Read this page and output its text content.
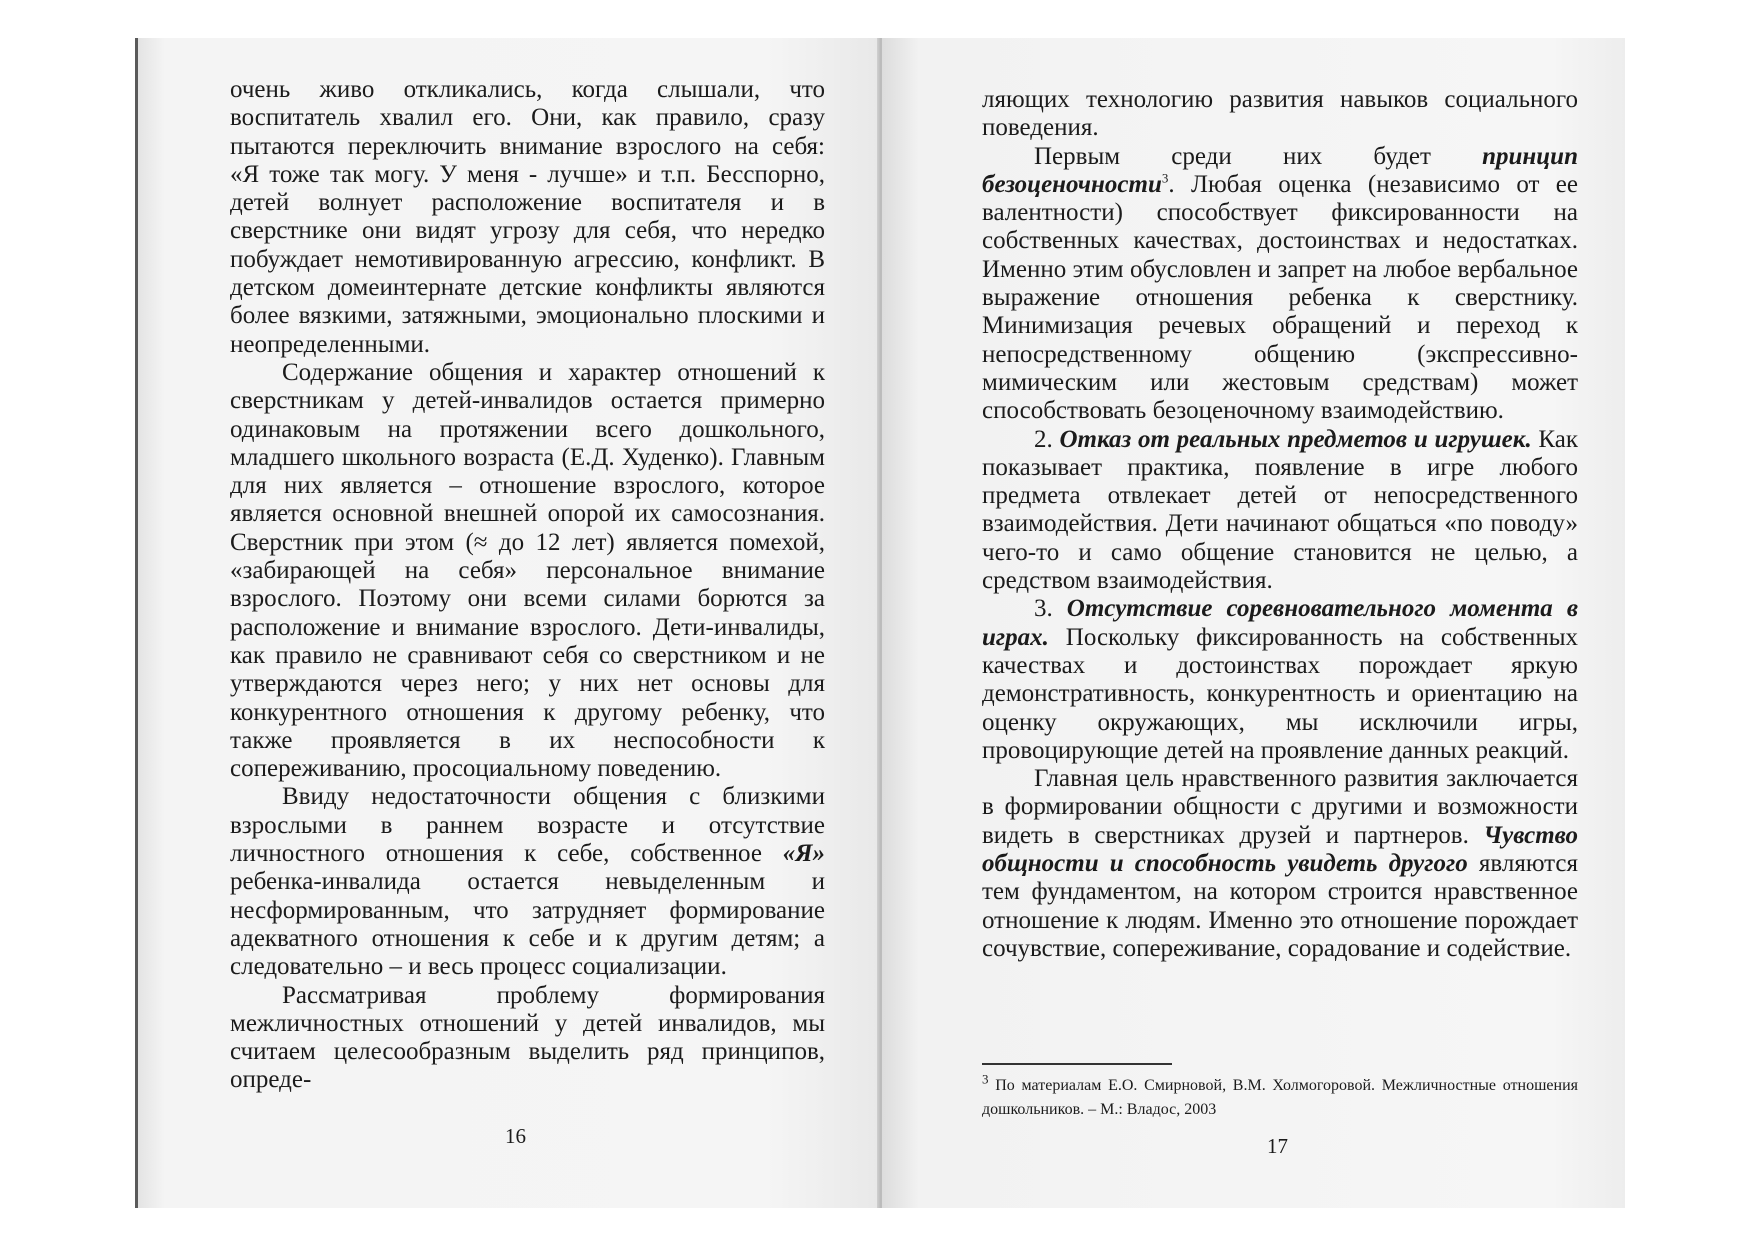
очень живо откликались, когда слышали, что воспитатель хвалил его. Они, как правило, сразу пытаются переключить внимание взрослого на себя: «Я тоже так могу. У меня - лучше» и т.п. Бесспорно, детей волнует расположение воспитателя и в сверстнике они видят угрозу для себя, что нередко побуждает немотивированную агрессию, конфликт. В детском домеинтернате детские конфликты являются более вязкими, затяжными, эмоционально плоскими и неопределенными.

Содержание общения и характер отношений к сверстникам у детей-инвалидов остается примерно одинаковым на протяжении всего дошкольного, младшего школьного возраста (Е.Д. Худенко). Главным для них является – отношение взрослого, которое является основной внешней опорой их самосознания. Сверстник при этом (≈ до 12 лет) является помехой, «забирающей на себя» персональное внимание взрослого. Поэтому они всеми силами борются за расположение и внимание взрослого. Дети-инвалиды, как правило не сравнивают себя со сверстником и не утверждаются через него; у них нет основы для конкурентного отношения к другому ребенку, что также проявляется в их неспособности к сопереживанию, просоциальному поведению.

Ввиду недостаточности общения с близкими взрослыми в раннем возрасте и отсутствие личностного отношения к себе, собственное «Я» ребенка-инвалида остается невыделенным и несформированным, что затрудняет формирование адекватного отношения к себе и к другим детям; а следовательно – и весь процесс социализации.

Рассматривая проблему формирования межличностных отношений у детей инвалидов, мы считаем целесообразным выделить ряд принципов, опреде-

16

ляющих технологию развития навыков социального поведения.

Первым среди них будет принцип безоценочности$^3$. Любая оценка (независимо от ее валентности) способствует фиксированности на собственных качествах, достоинствах и недостатках. Именно этим обусловлен и запрет на любое вербальное выражение отношения ребенка к сверстнику. Минимизация речевых обращений и переход к непосредственному общению (экспрессивно-мимическим или жестовым средствам) может способствовать безоценочному взаимодействию.

2. Отказ от реальных предметов и игрушек. Как показывает практика, появление в игре любого предмета отвлекает детей от непосредственного взаимодействия. Дети начинают общаться «по поводу» чего-то и само общение становится не целью, а средством взаимодействия.

3. Отсутствие соревновательного момента в играх. Поскольку фиксированность на собственных качествах и достоинствах порождает яркую демонстративность, конкурентность и ориентацию на оценку окружающих, мы исключили игры, провоцирующие детей на проявление данных реакций.

Главная цель нравственного развития заключается в формировании общности с другими и возможности видеть в сверстниках друзей и партнеров. Чувство общности и способность увидеть другого являются тем фундаментом, на котором строится нравственное отношение к людям. Именно это отношение порождает сочувствие, сопереживание, сорадование и содействие.

$^3$ По материалам Е.О. Смирновой, В.М. Холмогоровой. Межличностные отношения дошкольников. – М.: Владос, 2003
17
